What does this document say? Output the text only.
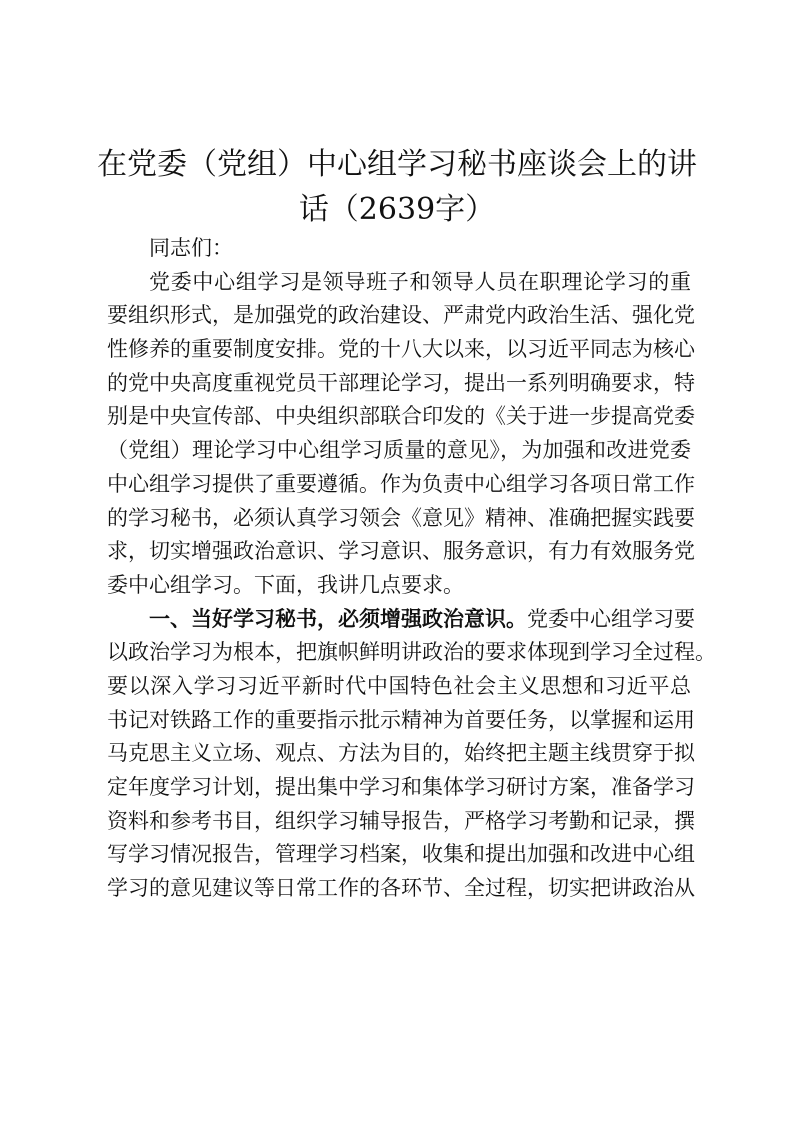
在党委（党组）中心组学习秘书座谈会上的讲
话（2639字）
同志们：
党委中心组学习是领导班子和领导人员在职理论学习的重
要组织形式，是加强党的政治建设、严肃党内政治生活、强化党
性修养的重要制度安排。党的十八大以来，以习近平同志为核心
的党中央高度重视党员干部理论学习，提出一系列明确要求，特
别是中央宣传部、中央组织部联合印发的《关于进一步提高党委
（党组）理论学习中心组学习质量的意见》，为加强和改进党委
中心组学习提供了重要遵循。作为负责中心组学习各项日常工作
的学习秘书，必须认真学习领会《意见》精神、准确把握实践要
求，切实增强政治意识、学习意识、服务意识，有力有效服务党
委中心组学习。下面，我讲几点要求。
一、当好学习秘书，必须增强政治意识。党委中心组学习要
以政治学习为根本，把旗帜鲜明讲政治的要求体现到学习全过程。
要以深入学习习近平新时代中国特色社会主义思想和习近平总
书记对铁路工作的重要指示批示精神为首要任务，以掌握和运用
马克思主义立场、观点、方法为目的，始终把主题主线贯穿于拟
定年度学习计划，提出集中学习和集体学习研讨方案，准备学习
资料和参考书目，组织学习辅导报告，严格学习考勤和记录，撰
写学习情况报告，管理学习档案，收集和提出加强和改进中心组
学习的意见建议等日常工作的各环节、全过程，切实把讲政治从
